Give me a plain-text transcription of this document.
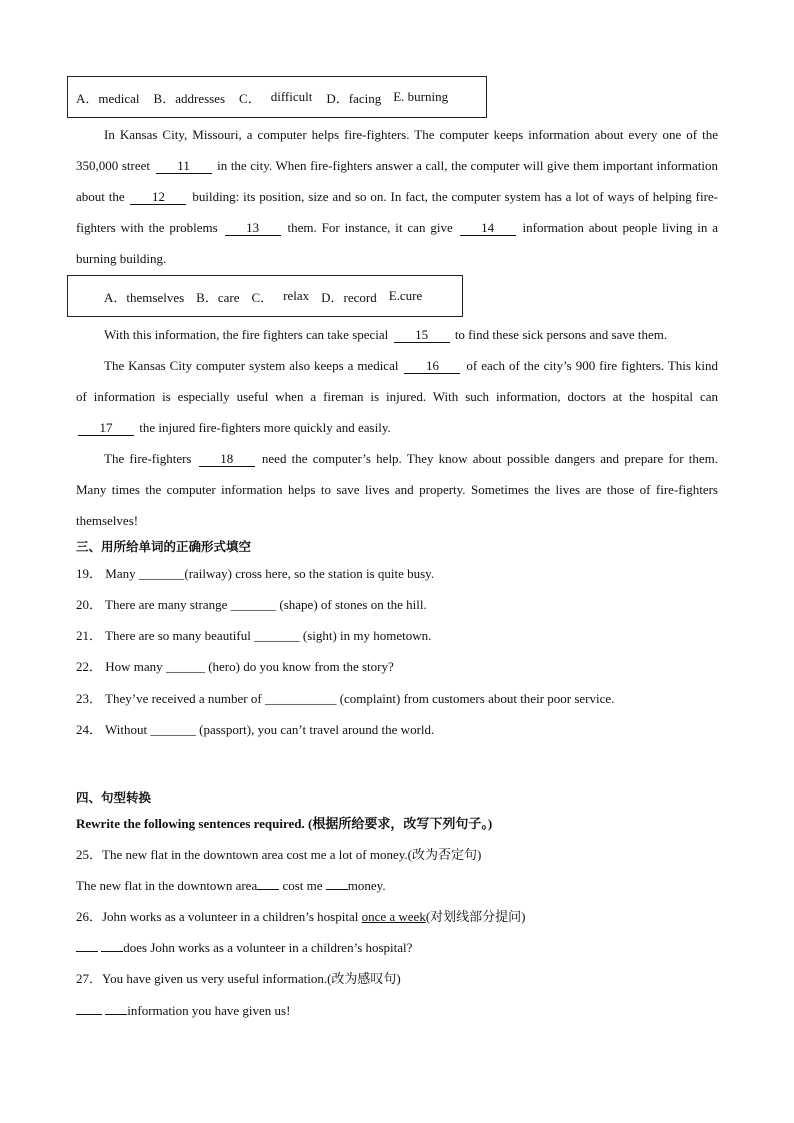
A．medical B．addresses C． difficult D．facing E. burning
In Kansas City, Missouri, a computer helps fire-fighters. The computer keeps information about every one of the 350,000 street 11 in the city. When fire-fighters answer a call, the computer will give them important information about the 12 building: its position, size and so on. In fact, the computer system has a lot of ways of helping fire-fighters with the problems 13 them. For instance, it can give 14 information about people living in a burning building.
A．themselves B．care C． relax D．record E.cure
With this information, the fire fighters can take special 15 to find these sick persons and save them.
The Kansas City computer system also keeps a medical 16 of each of the city’s 900 fire fighters. This kind of information is especially useful when a fireman is injured. With such information, doctors at the hospital can 17 the injured fire-fighters more quickly and easily.
The fire-fighters 18 need the computer’s help. They know about possible dangers and prepare for them. Many times the computer information helps to save lives and property. Sometimes the lives are those of fire-fighters themselves!
三、用所给单词的正确形式填空
19． Many _______(railway) cross here, so the station is quite busy.
20． There are many strange _______ (shape) of stones on the hill.
21． There are so many beautiful _______ (sight) in my hometown.
22． How many ______ (hero) do you know from the story?
23． They’ve received a number of ___________ (complaint) from customers about their poor service.
24． Without _______ (passport), you can’t travel around the world.
四、句型转换
Rewrite the following sentences required. (根据所给要求，改写下列句子。)
25．The new flat in the downtown area cost me a lot of money.(改为否定句)
The new flat in the downtown area cost me money.
26．John works as a volunteer in a children’s hospital once a week(对划线部分提问)
does John works as a volunteer in a children’s hospital?
27．You have given us very useful information.(改为感叹句)
information you have given us!
